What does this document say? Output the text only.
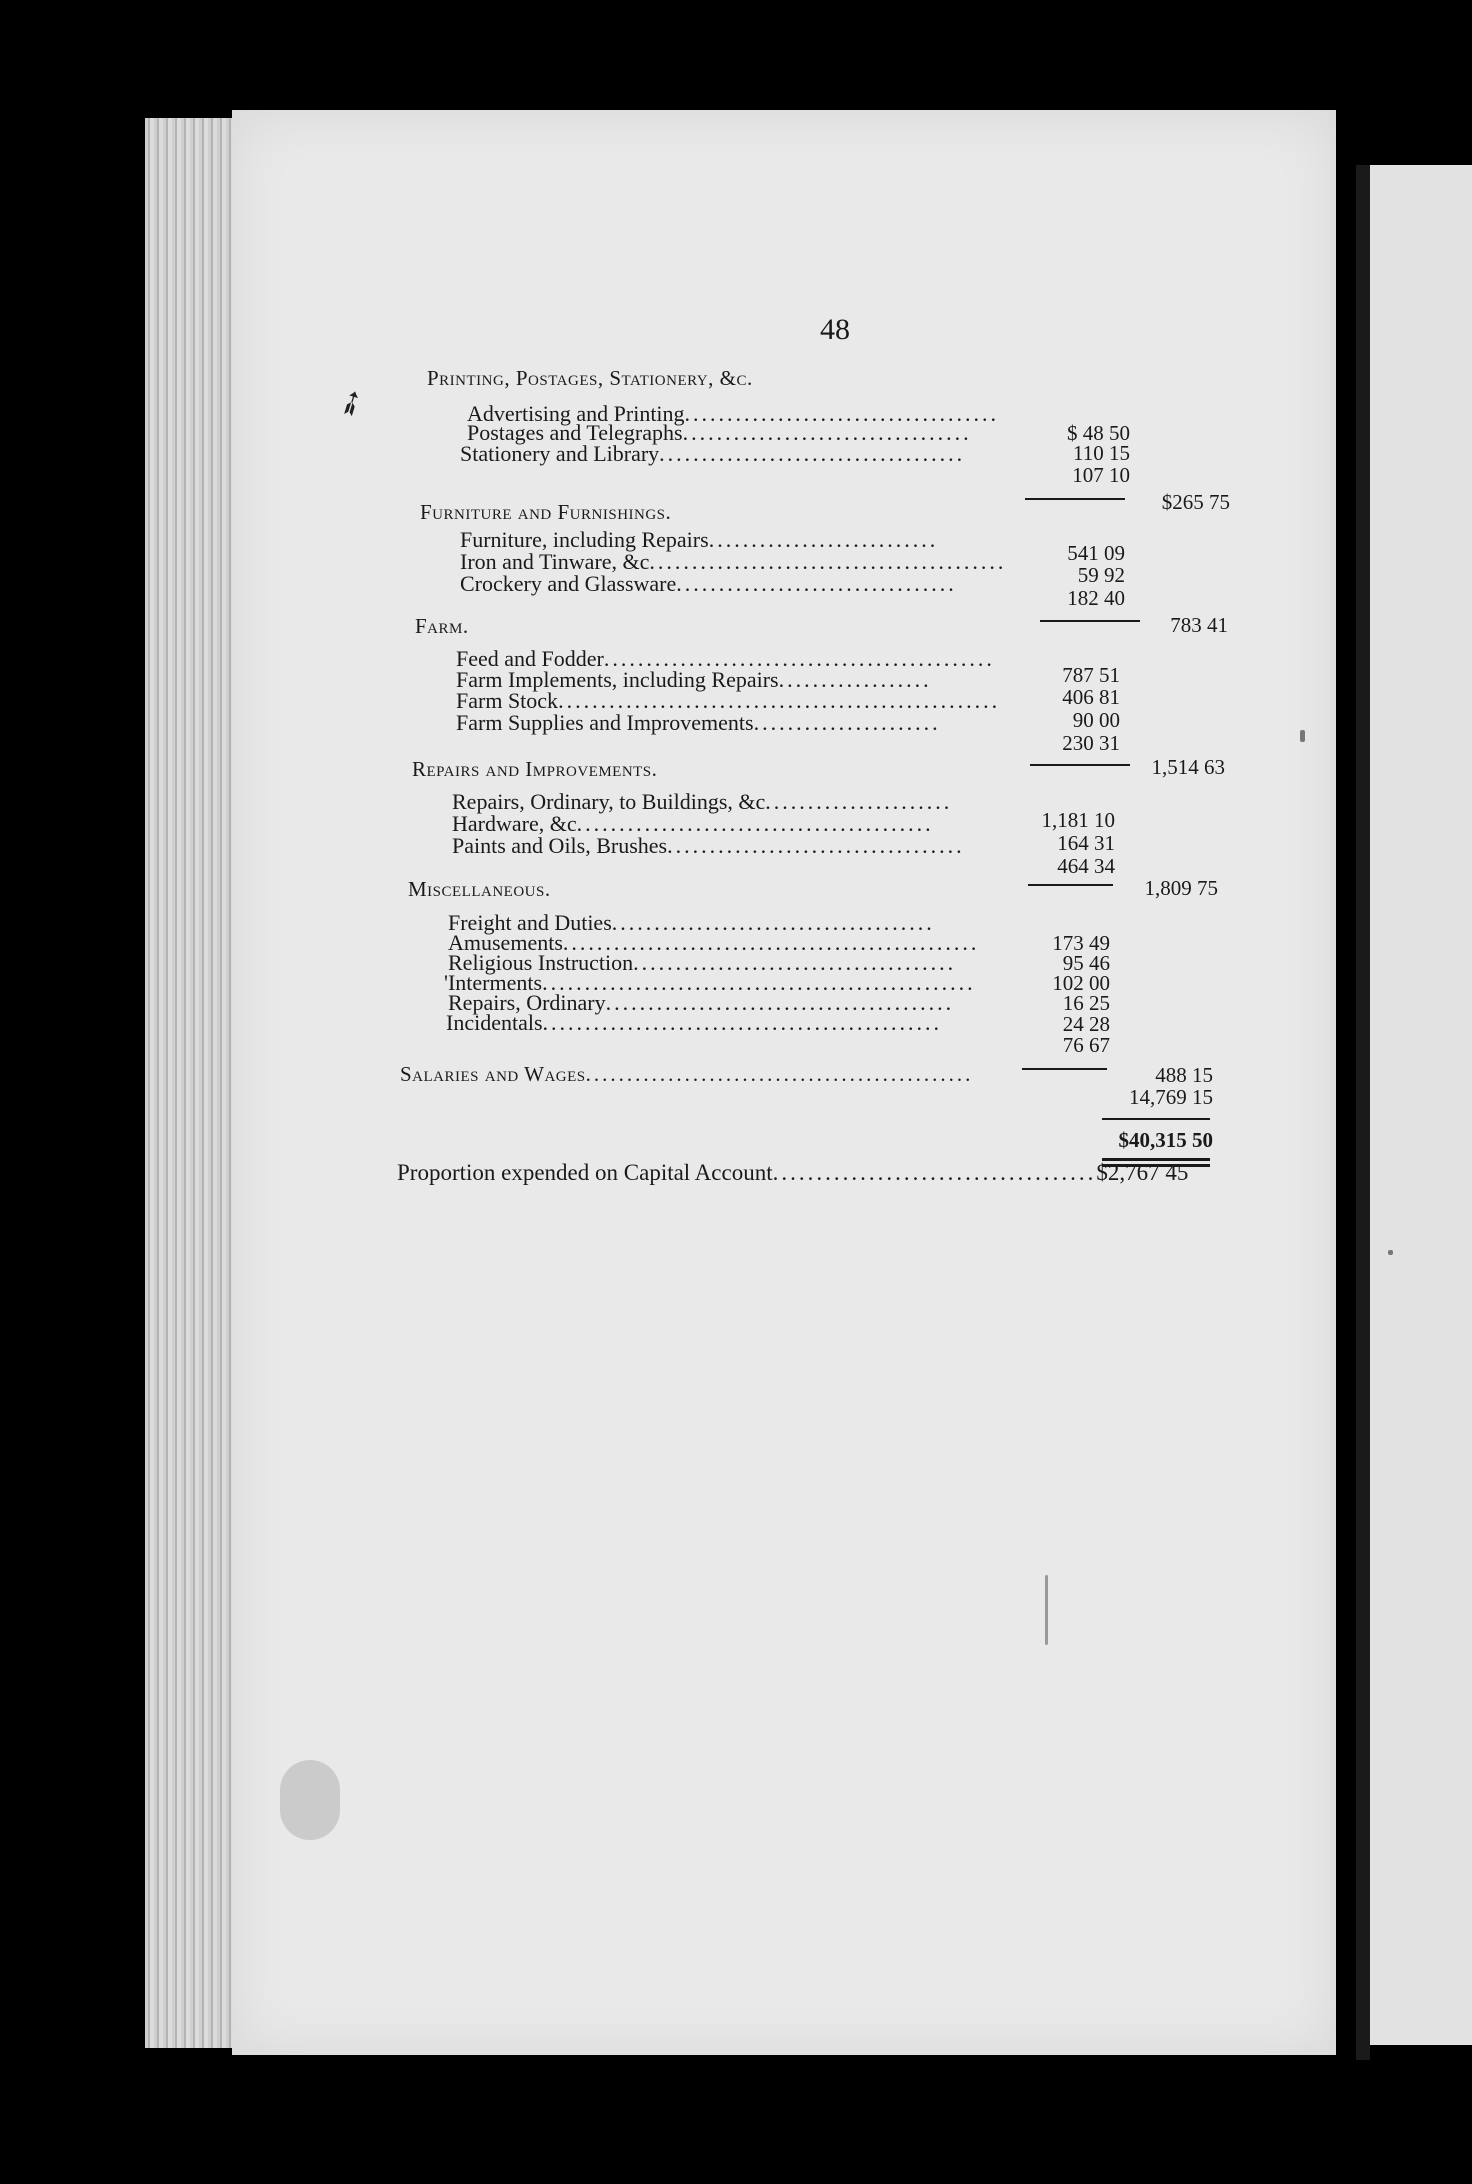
➶
48
Printing, Postages, Stationery, &c.
Advertising and Printing.....................................
$ 48 50
Postages and Telegraphs..................................
110 15
Stationery and Library....................................
107 10
$265 75
Furniture and Furnishings.
Furniture, including Repairs...........................
541 09
Iron and Tinware, &c..........................................
59 92
Crockery and Glassware.................................
182 40
783 41
Farm.
Feed and Fodder..............................................
787 51
Farm Implements, including Repairs..................
406 81
Farm Stock....................................................
90 00
Farm Supplies and Improvements......................
230 31
1,514 63
Repairs and Improvements.
Repairs, Ordinary, to Buildings, &c......................
1,181 10
Hardware, &c..........................................
164 31
Paints and Oils, Brushes...................................
464 34
1,809 75
Miscellaneous.
Freight and Duties......................................
173 49
Amusements.................................................
95 46
Religious Instruction......................................
102 00
'Interments...................................................
16 25
Repairs, Ordinary.........................................
24 28
Incidentals...............................................
76 67
488 15
Salaries and Wages...............................................
14,769 15
$40,315 50
Proportion expended on Capital Account.....................................$2,767 45
